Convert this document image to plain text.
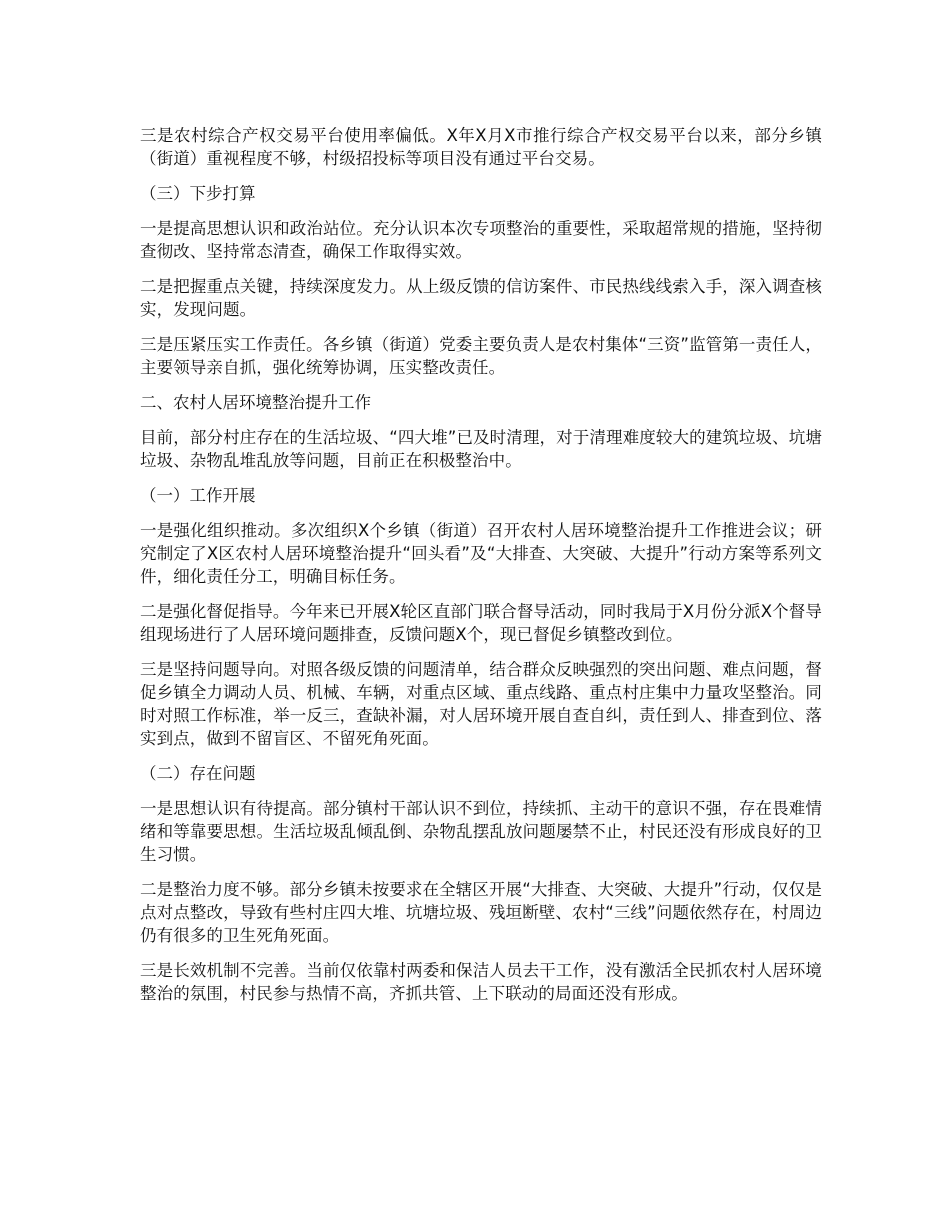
三是农村综合产权交易平台使用率偏低。X年X月X市推行综合产权交易平台以来，部分乡镇（街道）重视程度不够，村级招投标等项目没有通过平台交易。

（三）下步打算

一是提高思想认识和政治站位。充分认识本次专项整治的重要性，采取超常规的措施，坚持彻查彻改、坚持常态清查，确保工作取得实效。

二是把握重点关键，持续深度发力。从上级反馈的信访案件、市民热线线索入手，深入调查核实，发现问题。

三是压紧压实工作责任。各乡镇（街道）党委主要负责人是农村集体“三资”监管第一责任人，主要领导亲自抓，强化统筹协调，压实整改责任。

二、农村人居环境整治提升工作

目前，部分村庄存在的生活垃圾、“四大堆”已及时清理，对于清理难度较大的建筑垃圾、坑塘垃圾、杂物乱堆乱放等问题，目前正在积极整治中。

（一）工作开展

一是强化组织推动。多次组织X个乡镇（街道）召开农村人居环境整治提升工作推进会议；研究制定了X区农村人居环境整治提升“回头看”及“大排查、大突破、大提升”行动方案等系列文件，细化责任分工，明确目标任务。

二是强化督促指导。今年来已开展X轮区直部门联合督导活动，同时我局于X月份分派X个督导组现场进行了人居环境问题排查，反馈问题X个，现已督促乡镇整改到位。

三是坚持问题导向。对照各级反馈的问题清单，结合群众反映强烈的突出问题、难点问题，督促乡镇全力调动人员、机械、车辆，对重点区域、重点线路、重点村庄集中力量攻坚整治。同时对照工作标准，举一反三，查缺补漏，对人居环境开展自查自纠，责任到人、排查到位、落实到点，做到不留盲区、不留死角死面。

（二）存在问题

一是思想认识有待提高。部分镇村干部认识不到位，持续抓、主动干的意识不强，存在畏难情绪和等靠要思想。生活垃圾乱倾乱倒、杂物乱摆乱放问题屡禁不止，村民还没有形成良好的卫生习惯。

二是整治力度不够。部分乡镇未按要求在全辖区开展“大排查、大突破、大提升”行动，仅仅是点对点整改，导致有些村庄四大堆、坑塘垃圾、残垣断壁、农村“三线”问题依然存在，村周边仍有很多的卫生死角死面。

三是长效机制不完善。当前仅依靠村两委和保洁人员去干工作，没有激活全民抓农村人居环境整治的氛围，村民参与热情不高，齐抓共管、上下联动的局面还没有形成。
